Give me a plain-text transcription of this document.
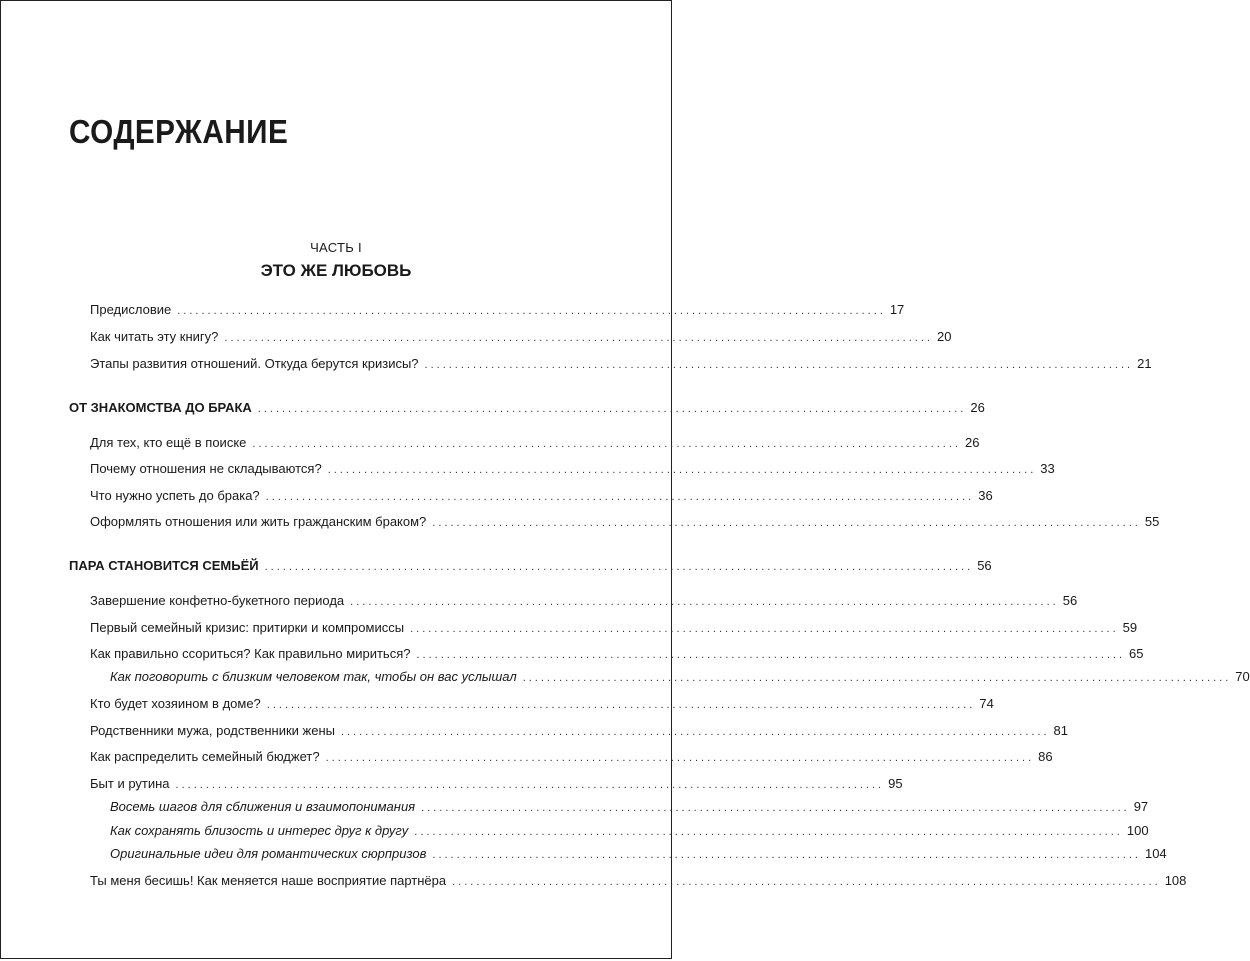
СОДЕРЖАНИЕ
ЧАСТЬ I
ЭТО ЖЕ ЛЮБОВЬ
Предисловие ..................................................................................................................... 17
Как читать эту книгу? ..................................................................................................................... 20
Этапы развития отношений. Откуда берутся кризисы? ..................................................................................................................... 21
ОТ ЗНАКОМСТВА ДО БРАКА ..................................................................................................................... 26
Для тех, кто ещё в поиске ..................................................................................................................... 26
Почему отношения не складываются? ..................................................................................................................... 33
Что нужно успеть до брака? ..................................................................................................................... 36
Оформлять отношения или жить гражданским браком? ..................................................................................................................... 55
ПАРА СТАНОВИТСЯ СЕМЬЁЙ ..................................................................................................................... 56
Завершение конфетно-букетного периода ..................................................................................................................... 56
Первый семейный кризис: притирки и компромиссы ..................................................................................................................... 59
Как правильно ссориться? Как правильно мириться? ..................................................................................................................... 65
Как поговорить с близким человеком так, чтобы он вас услышал ..................................................................................................................... 70
Кто будет хозяином в доме? ..................................................................................................................... 74
Родственники мужа, родственники жены ..................................................................................................................... 81
Как распределить семейный бюджет? ..................................................................................................................... 86
Быт и рутина ..................................................................................................................... 95
Восемь шагов для сближения и взаимопонимания ..................................................................................................................... 97
Как сохранять близость и интерес друг к другу ..................................................................................................................... 100
Оригинальные идеи для романтических сюрпризов ..................................................................................................................... 104
Ты меня бесишь! Как меняется наше восприятие партнёра ..................................................................................................................... 108
